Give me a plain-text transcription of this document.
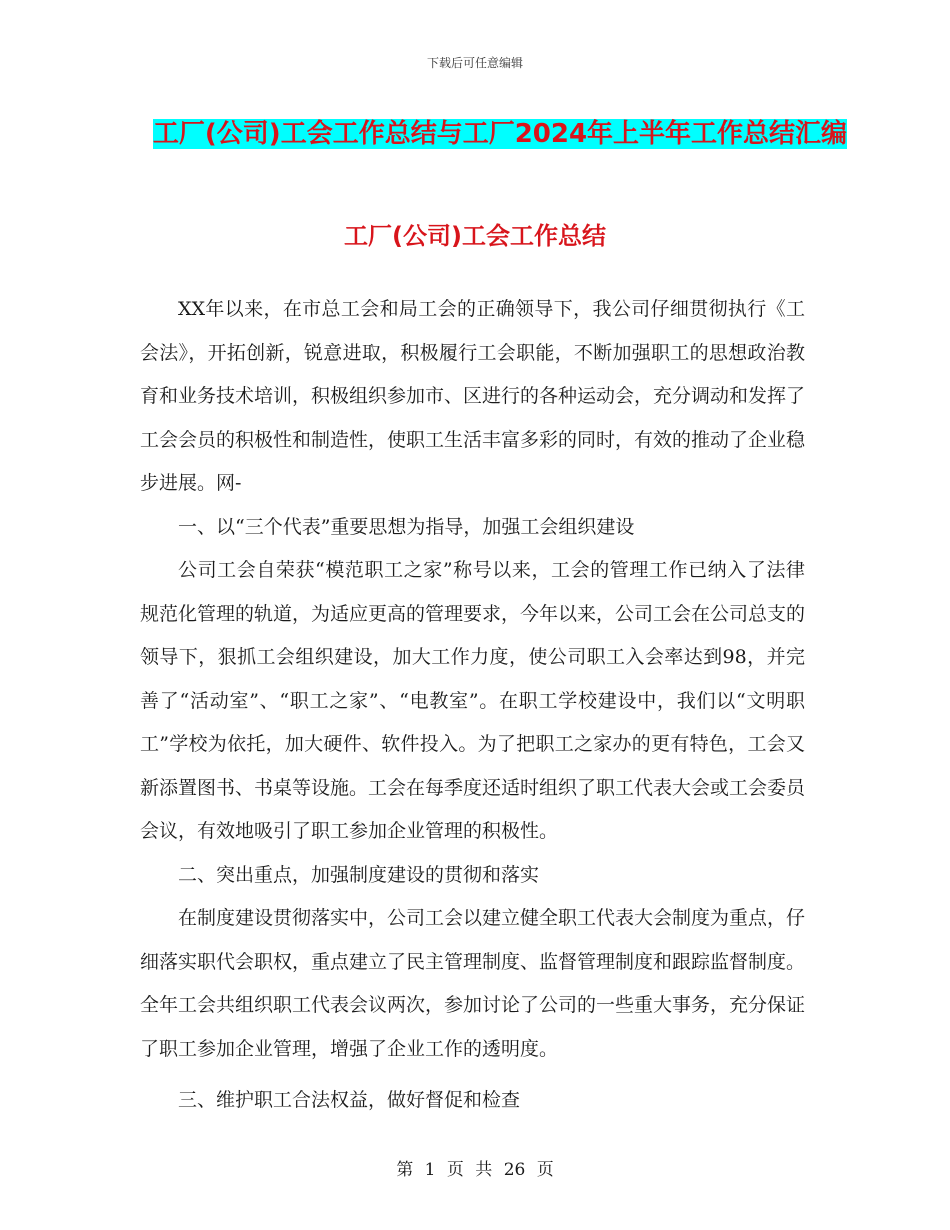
下载后可任意编辑
工厂(公司)工会工作总结与工厂2024年上半年工作总结汇编
工厂(公司)工会工作总结

XX年以来，在市总工会和局工会的正确领导下，我公司仔细贯彻执行《工会法》，开拓创新，锐意进取，积极履行工会职能，不断加强职工的思想政治教育和业务技术培训，积极组织参加市、区进行的各种运动会，充分调动和发挥了工会会员的积极性和制造性，使职工生活丰富多彩的同时，有效的推动了企业稳步进展。网-

一、以“三个代表”重要思想为指导，加强工会组织建设

公司工会自荣获“模范职工之家”称号以来，工会的管理工作已纳入了法律规范化管理的轨道，为适应更高的管理要求，今年以来，公司工会在公司总支的领导下，狠抓工会组织建设，加大工作力度，使公司职工入会率达到98，并完善了“活动室”、“职工之家”、“电教室”。在职工学校建设中，我们以“文明职工”学校为依托，加大硬件、软件投入。为了把职工之家办的更有特色，工会又新添置图书、书桌等设施。工会在每季度还适时组织了职工代表大会或工会委员会议，有效地吸引了职工参加企业管理的积极性。

二、突出重点，加强制度建设的贯彻和落实

在制度建设贯彻落实中，公司工会以建立健全职工代表大会制度为重点，仔细落实职代会职权，重点建立了民主管理制度、监督管理制度和跟踪监督制度。全年工会共组织职工代表会议两次，参加讨论了公司的一些重大事务，充分保证了职工参加企业管理，增强了企业工作的透明度。

三、维护职工合法权益，做好督促和检查

第 1 页 共 26 页
